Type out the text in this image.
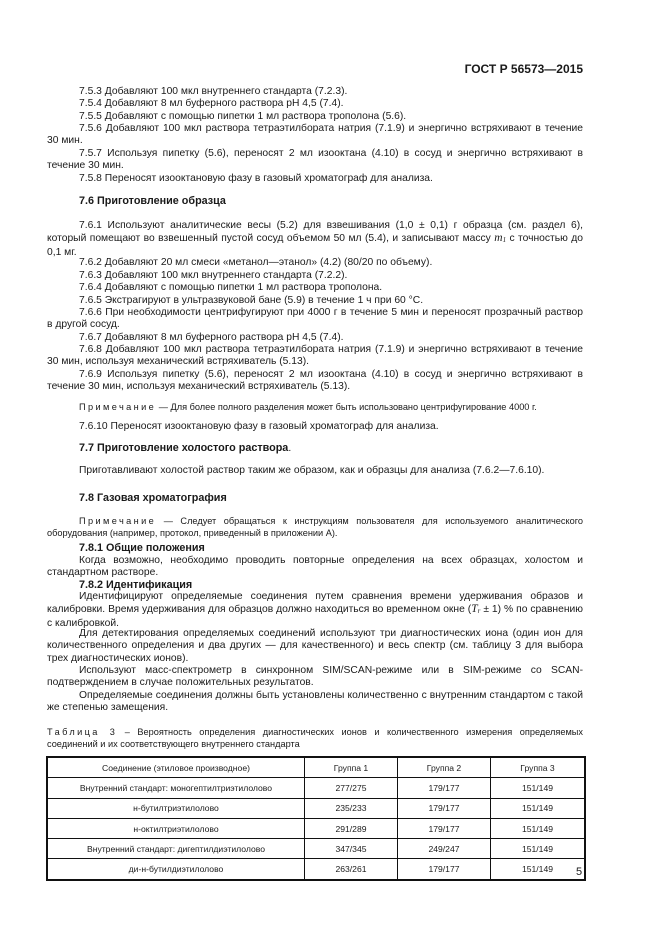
ГОСТ Р 56573—2015
7.5.3 Добавляют 100 мкл внутреннего стандарта (7.2.3).
7.5.4 Добавляют 8 мл буферного раствора pH 4,5 (7.4).
7.5.5 Добавляют с помощью пипетки 1 мл раствора трополона (5.6).
7.5.6 Добавляют 100 мкл раствора тетраэтилбората натрия (7.1.9) и энергично встряхивают в течение 30 мин.
7.5.7 Используя пипетку (5.6), переносят 2 мл изооктана (4.10) в сосуд и энергично встряхивают в течение 30 мин.
7.5.8 Переносят изооктановую фазу в газовый хроматограф для анализа.
7.6 Приготовление образца
7.6.1 Используют аналитические весы (5.2) для взвешивания (1,0 ± 0,1) г образца (см. раздел 6), который помещают во взвешенный пустой сосуд объемом 50 мл (5.4), и записывают массу $m_1$ с точностью до 0,1 мг.
7.6.2 Добавляют 20 мл смеси «метанол—этанол» (4.2) (80/20 по объему).
7.6.3 Добавляют 100 мкл внутреннего стандарта (7.2.2).
7.6.4 Добавляют с помощью пипетки 1 мл раствора трополона.
7.6.5 Экстрагируют в ультразвуковой бане (5.9) в течение 1 ч при 60 °С.
7.6.6 При необходимости центрифугируют при 4000 г в течение 5 мин и переносят прозрачный раствор в другой сосуд.
7.6.7 Добавляют 8 мл буферного раствора pH 4,5 (7.4).
7.6.8 Добавляют 100 мкл раствора тетраэтилбората натрия (7.1.9) и энергично встряхивают в течение 30 мин, используя механический встряхиватель (5.13).
7.6.9 Используя пипетку (5.6), переносят 2 мл изооктана (4.10) в сосуд и энергично встряхивают в течение 30 мин, используя механический встряхиватель (5.13).
Примечание — Для более полного разделения может быть использовано центрифугирование 4000 г.
7.6.10 Переносят изооктановую фазу в газовый хроматограф для анализа.
7.7 Приготовление холостого раствора.
Приготавливают холостой раствор таким же образом, как и образцы для анализа (7.6.2—7.6.10).
7.8 Газовая хроматография
Примечание — Следует обращаться к инструкциям пользователя для используемого аналитического оборудования (например, протокол, приведенный в приложении А).
7.8.1 Общие положения
Когда возможно, необходимо проводить повторные определения на всех образцах, холостом и стандартном растворе.
7.8.2 Идентификация
Идентифицируют определяемые соединения путем сравнения времени удерживания образов и калибровки. Время удерживания для образцов должно находиться во временном окне $(T_r \pm 1)$ % по сравнению с калибровкой.
Для детектирования определяемых соединений используют три диагностических иона (один ион для количественного определения и два других — для качественного) и весь спектр (см. таблицу 3 для выбора трех диагностических ионов).
Используют масс-спектрометр в синхронном SIM/SCAN-режиме или в SIM-режиме со SCAN-подтверждением в случае положительных результатов.
Определяемые соединения должны быть установлены количественно с внутренним стандартом с такой же степенью замещения.
Таблица 3 – Вероятность определения диагностических ионов и количественного измерения определяемых соединений и их соответствующего внутреннего стандарта
Соединение (этиловое производное)	Группа 1	Группа 2	Группа 3
Внутренний стандарт: моногептилтриэтилолово	277/275	179/177	151/149
н-бутилтриэтилолово	235/233	179/177	151/149
н-октилтриэтилолово	291/289	179/177	151/149
Внутренний стандарт: дигептилдиэтилолово	347/345	249/247	151/149
ди-н-бутилдиэтилолово	263/261	179/177	151/149 5
